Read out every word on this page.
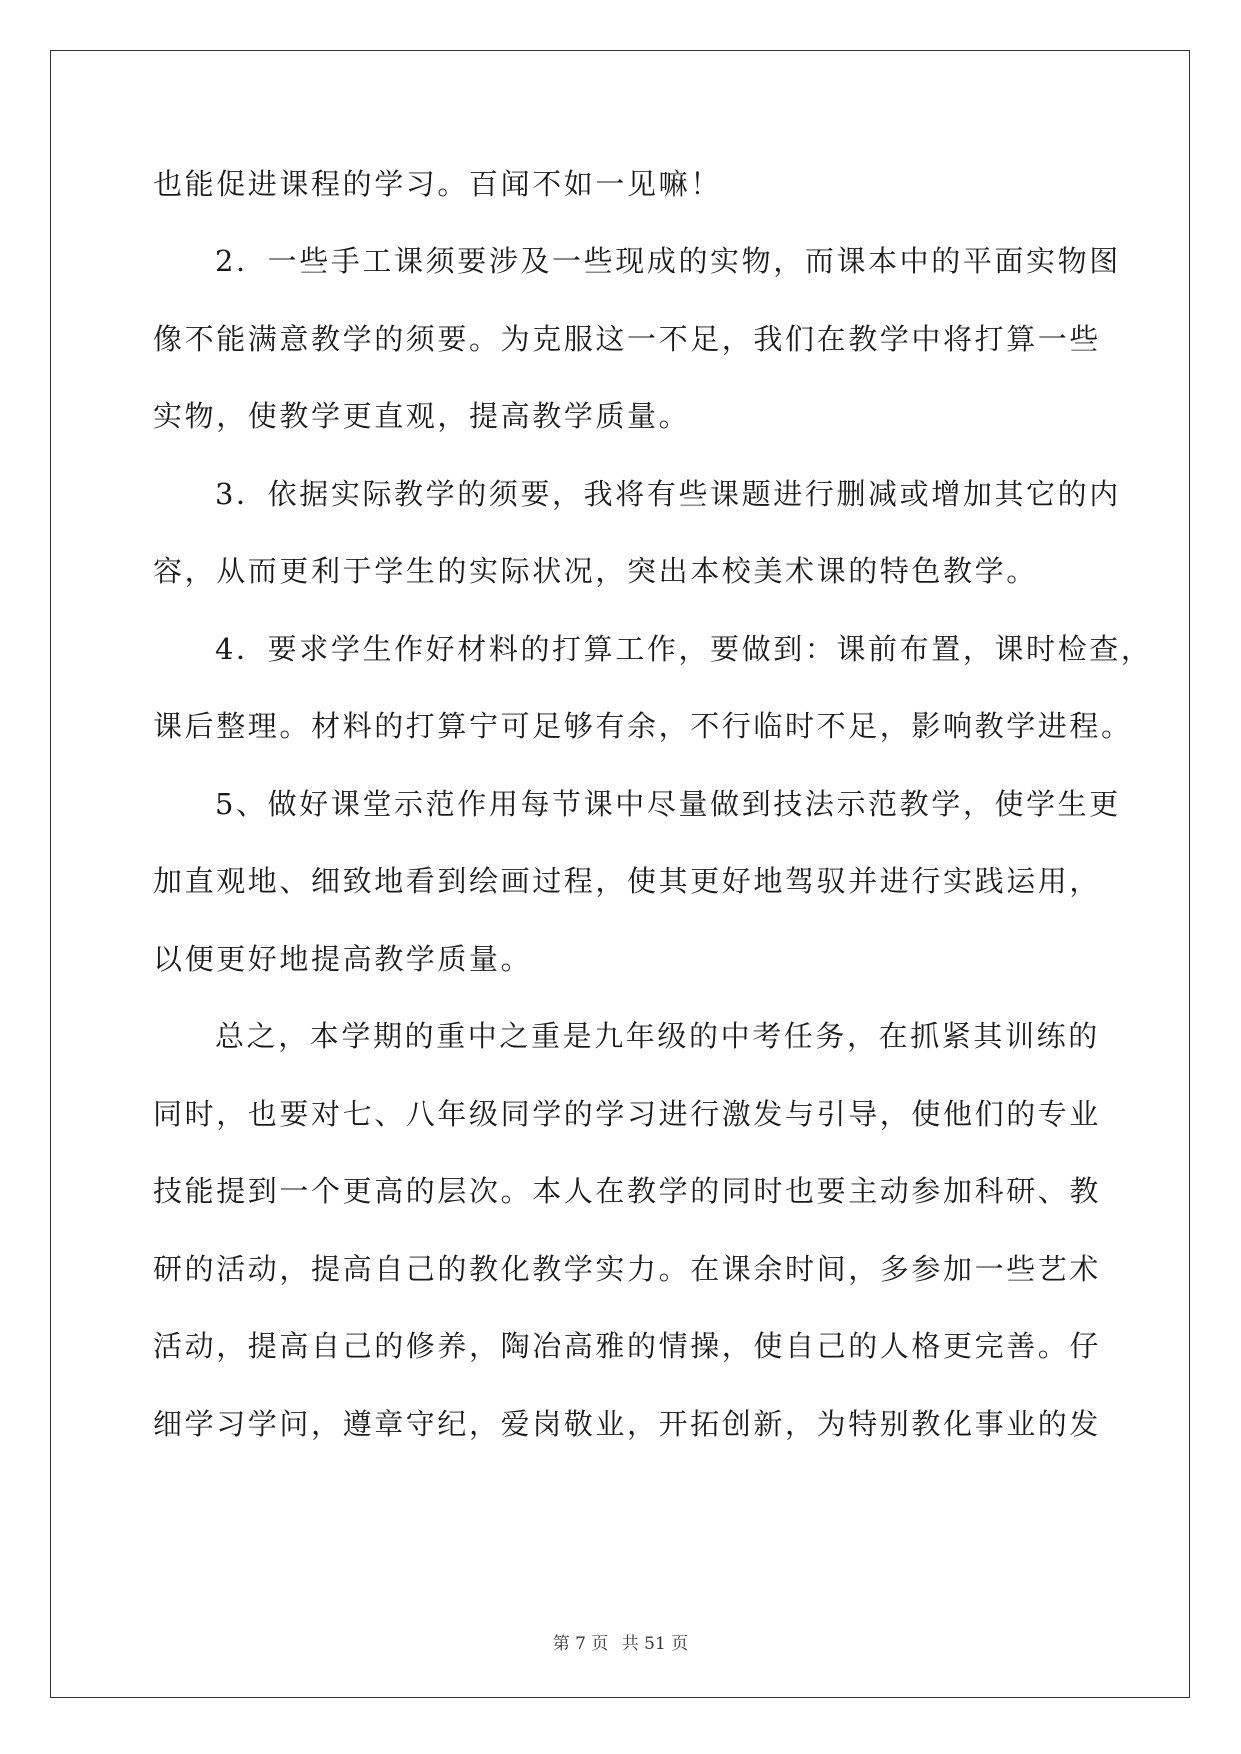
也能促进课程的学习。百闻不如一见嘛！
2．一些手工课须要涉及一些现成的实物，而课本中的平面实物图
像不能满意教学的须要。为克服这一不足，我们在教学中将打算一些
实物，使教学更直观，提高教学质量。
3．依据实际教学的须要，我将有些课题进行删减或增加其它的内
容，从而更利于学生的实际状况，突出本校美术课的特色教学。
4．要求学生作好材料的打算工作，要做到：课前布置，课时检查，
课后整理。材料的打算宁可足够有余，不行临时不足，影响教学进程。
5、做好课堂示范作用每节课中尽量做到技法示范教学，使学生更
加直观地、细致地看到绘画过程，使其更好地驾驭并进行实践运用，
以便更好地提高教学质量。
总之，本学期的重中之重是九年级的中考任务，在抓紧其训练的
同时，也要对七、八年级同学的学习进行激发与引导，使他们的专业
技能提到一个更高的层次。本人在教学的同时也要主动参加科研、教
研的活动，提高自己的教化教学实力。在课余时间，多参加一些艺术
活动，提高自己的修养，陶冶高雅的情操，使自己的人格更完善。仔
细学习学问，遵章守纪，爱岗敬业，开拓创新，为特别教化事业的发
第 7 页 共 51 页
